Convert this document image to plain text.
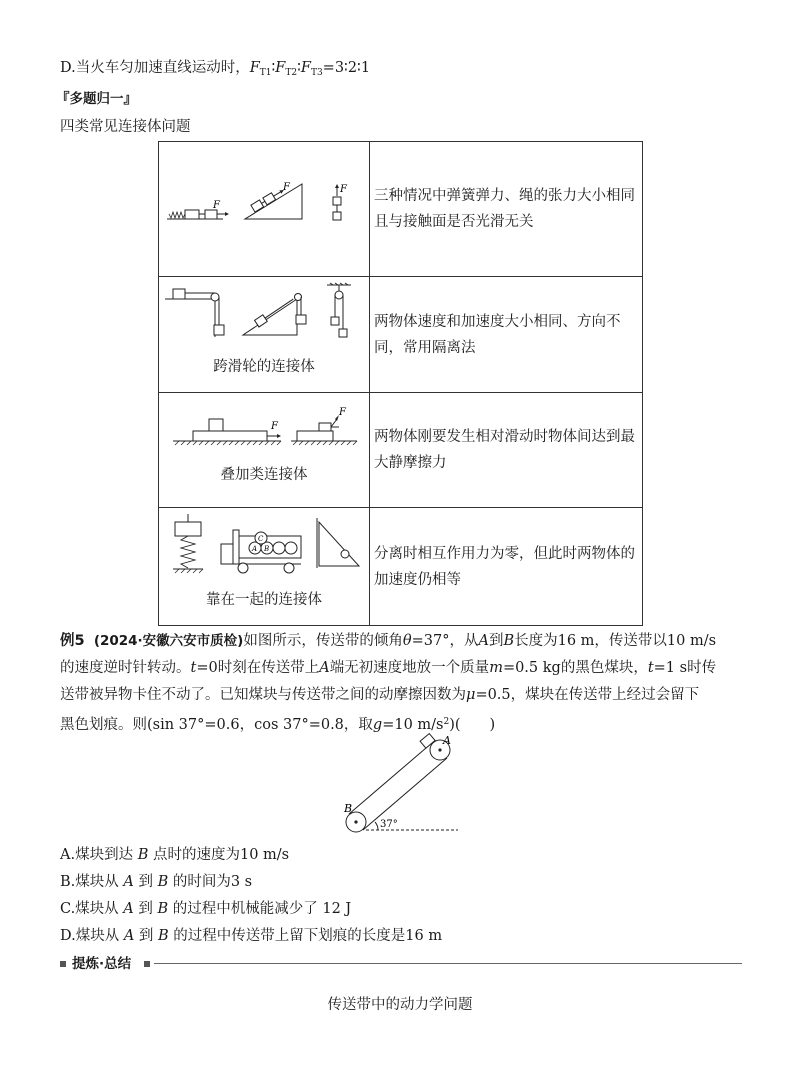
D.当火车匀加速直线运动时，$F_{T1}∶F_{T2}∶F_{T3}=3∶2∶1$
『多题归一』
四类常见连接体问题
F
F F	三种情况中弹簧弹力、绳的张力大小相同且与接触面是否光滑无关

跨滑轮的连接体	两物体速度和加速度大小相同、方向不同，常用隔离法

F
F
叠加类连接体	两物体刚要发生相对滑动时物体间达到最大静摩擦力

A B
C
靠在一起的连接体	分离时相互作用力为零，但此时两物体的加速度仍相等
例5 (2024·安徽六安市质检)如图所示，传送带的倾角θ=37°，从A到B长度为16 m，传送带以10 m/s
的速度逆时针转动。t=0时刻在传送带上A端无初速度地放一个质量m=0.5 kg的黑色煤块，t=1 s时传
送带被异物卡住不动了。已知煤块与传送带之间的动摩擦因数为μ=0.5，煤块在传送带上经过会留下
黑色划痕。则(sin 37°=0.6，cos 37°=0.8，取g=10 $m/s^2$)(　　)
A
B
37°
A.煤块到达 B 点时的速度为10 m/s
B.煤块从 A 到 B 的时间为3 s
C.煤块从 A 到 B 的过程中机械能减少了 12 J
D.煤块从 A 到 B 的过程中传送带上留下划痕的长度是16 m
提炼·总结
传送带中的动力学问题
